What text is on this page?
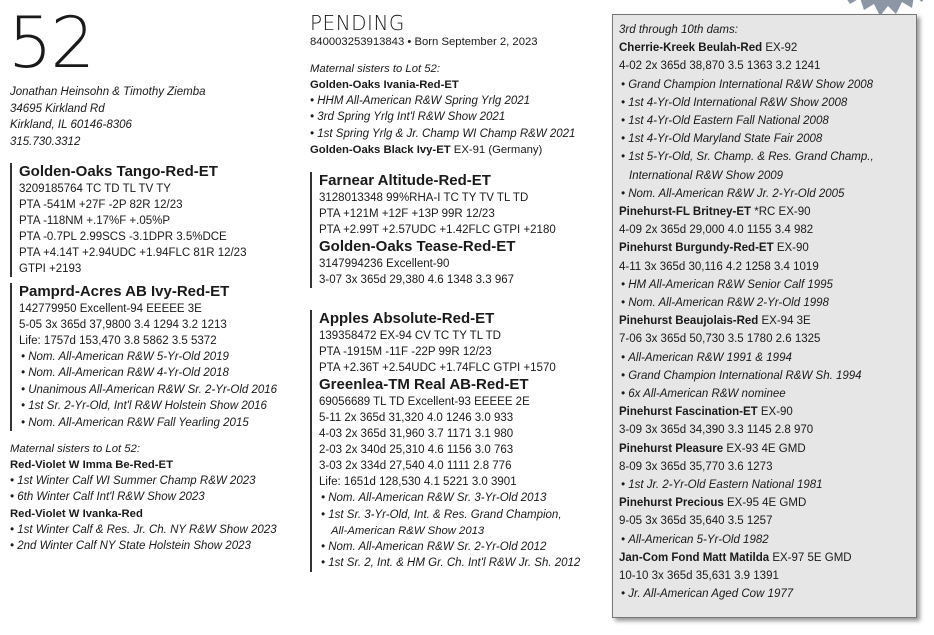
52
Jonathan Heinsohn & Timothy Ziemba
34695 Kirkland Rd
Kirkland, IL 60146-8306
315.730.3312
Golden-Oaks Tango-Red-ET
3209185764 TC TD TL TV TY
PTA -541M +27F -2P 82R 12/23
PTA -118NM +.17%F +.05%P
PTA -0.7PL 2.99SCS -3.1DPR 3.5%DCE
PTA +4.14T +2.94UDC +1.94FLC 81R 12/23
GTPI +2193
Pamprd-Acres AB Ivy-Red-ET
142779950 Excellent-94 EEEEE 3E
5-05 3x 365d 37,9800 3.4 1294 3.2 1213
Life: 1757d 153,470 3.8 5862 3.5 5372
• Nom. All-American R&W 5-Yr-Old 2019
• Nom. All-American R&W 4-Yr-Old 2018
• Unanimous All-American R&W Sr. 2-Yr-Old 2016
• 1st Sr. 2-Yr-Old, Int'l R&W Holstein Show 2016
• Nom. All-American R&W Fall Yearling 2015
Maternal sisters to Lot 52:
Red-Violet W Imma Be-Red-ET
• 1st Winter Calf WI Summer Champ R&W 2023
• 6th Winter Calf Int'l R&W Show 2023
Red-Violet W Ivanka-Red
• 1st Winter Calf & Res. Jr. Ch. NY R&W Show 2023
• 2nd Winter Calf NY State Holstein Show 2023
PENDING
840003253913843 • Born September 2, 2023
Maternal sisters to Lot 52:
Golden-Oaks Ivania-Red-ET
• HHM All-American R&W Spring Yrlg 2021
• 3rd Spring Yrlg Int'l R&W Show 2021
• 1st Spring Yrlg & Jr. Champ WI Champ R&W 2021
Golden-Oaks Black Ivy-ET EX-91 (Germany)
Farnear Altitude-Red-ET
3128013348 99%RHA-I TC TY TV TL TD
PTA +121M +12F +13P 99R 12/23
PTA +2.99T +2.57UDC +1.42FLC GTPI +2180
Golden-Oaks Tease-Red-ET
3147994236 Excellent-90
3-07 3x 365d 29,380 4.6 1348 3.3 967
Apples Absolute-Red-ET
139358472 EX-94 CV TC TY TL TD
PTA -1915M -11F -22P 99R 12/23
PTA +2.36T +2.54UDC +1.74FLC GTPI +1570
Greenlea-TM Real AB-Red-ET
69056689 TL TD Excellent-93 EEEEE 2E
5-11 2x 365d 31,320 4.0 1246 3.0 933
4-03 2x 365d 31,960 3.7 1171 3.1 980
2-03 2x 340d 25,310 4.6 1156 3.0 763
3-03 2x 334d 27,540 4.0 1111 2.8 776
Life: 1651d 128,530 4.1 5221 3.0 3901
• Nom. All-American R&W Sr. 3-Yr-Old 2013
• 1st Sr. 3-Yr-Old, Int. & Res. Grand Champion,
All-American R&W Show 2013
• Nom. All-American R&W Sr. 2-Yr-Old 2012
• 1st Sr. 2, Int. & HM Gr. Ch. Int'l R&W Jr. Sh. 2012
3rd through 10th dams:
Cherrie-Kreek Beulah-Red EX-92
4-02 2x 365d 38,870 3.5 1363 3.2 1241
• Grand Champion International R&W Show 2008
• 1st 4-Yr-Old International R&W Show 2008
• 1st 4-Yr-Old Eastern Fall National 2008
• 1st 4-Yr-Old Maryland State Fair 2008
• 1st 5-Yr-Old, Sr. Champ. & Res. Grand Champ.,
International R&W Show 2009
• Nom. All-American R&W Jr. 2-Yr-Old 2005
Pinehurst-FL Britney-ET *RC EX-90
4-09 2x 365d 29,000 4.0 1155 3.4 982
Pinehurst Burgundy-Red-ET EX-90
4-11 3x 365d 30,116 4.2 1258 3.4 1019
• HM All-American R&W Senior Calf 1995
• Nom. All-American R&W 2-Yr-Old 1998
Pinehurst Beaujolais-Red EX-94 3E
7-06 3x 365d 50,730 3.5 1780 2.6 1325
• All-American R&W 1991 & 1994
• Grand Champion International R&W Sh. 1994
• 6x All-American R&W nominee
Pinehurst Fascination-ET EX-90
3-09 3x 365d 34,390 3.3 1145 2.8 970
Pinehurst Pleasure EX-93 4E GMD
8-09 3x 365d 35,770 3.6 1273
• 1st Jr. 2-Yr-Old Eastern National 1981
Pinehurst Precious EX-95 4E GMD
9-05 3x 365d 35,640 3.5 1257
• All-American 5-Yr-Old 1982
Jan-Com Fond Matt Matilda EX-97 5E GMD
10-10 3x 365d 35,631 3.9 1391
• Jr. All-American Aged Cow 1977
